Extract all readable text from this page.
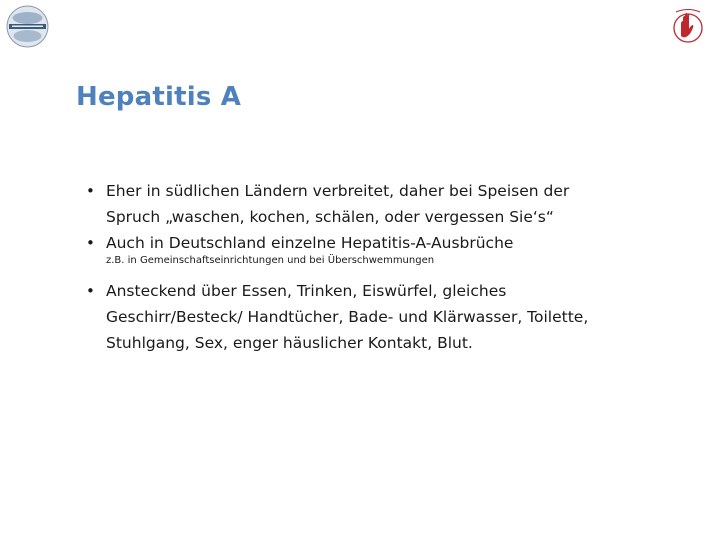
Hepatitis A
• Eher in südlichen Ländern verbreitet, daher bei Speisen der
Spruch „waschen, kochen, schälen, oder vergessen Sie‘s“
• Auch in Deutschland einzelne Hepatitis-A-Ausbrüche
z.B. in Gemeinschaftseinrichtungen und bei Überschwemmungen
• Ansteckend über Essen, Trinken, Eiswürfel, gleiches
Geschirr/Besteck/ Handtücher, Bade- und Klärwasser, Toilette,
Stuhlgang, Sex, enger häuslicher Kontakt, Blut.
